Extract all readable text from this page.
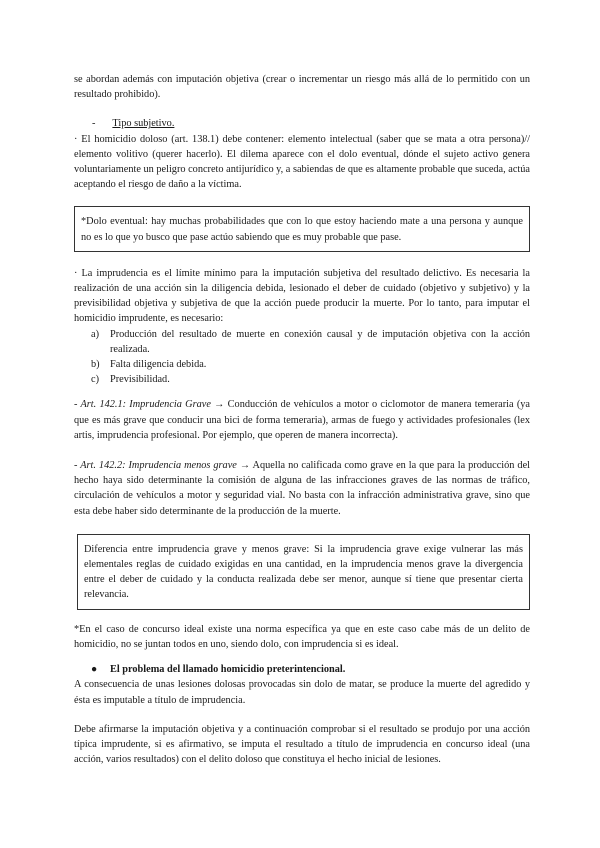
se abordan además con imputación objetiva (crear o incrementar un riesgo más allá de lo permitido con un resultado prohibido).

- Tipo subjetivo.

· El homicidio doloso (art. 138.1) debe contener: elemento intelectual (saber que se mata a otra persona)// elemento volitivo (querer hacerlo). El dilema aparece con el dolo eventual, dónde el sujeto activo genera voluntariamente un peligro concreto antijurídico y, a sabiendas de que es altamente probable que suceda, actúa aceptando el riesgo de daño a la víctima.

*Dolo eventual: hay muchas probabilidades que con lo que estoy haciendo mate a una persona y aunque no es lo que yo busco que pase actúo sabiendo que es muy probable que pase.

· La imprudencia es el límite mínimo para la imputación subjetiva del resultado delictivo. Es necesaria la realización de una acción sin la diligencia debida, lesionado el deber de cuidado (objetivo y subjetivo) y la previsibilidad objetiva y subjetiva de que la acción puede producir la muerte. Por lo tanto, para imputar el homicidio imprudente, es necesario:

a) Producción del resultado de muerte en conexión causal y de imputación objetiva con la acción realizada.
b) Falta diligencia debida.
c) Previsibilidad.

- Art. 142.1: Imprudencia Grave → Conducción de vehículos a motor o ciclomotor de manera temeraria (ya que es más grave que conducir una bici de forma temeraria), armas de fuego y actividades profesionales (lex artis, imprudencia profesional. Por ejemplo, que operen de manera incorrecta).

- Art. 142.2: Imprudencia menos grave → Aquella no calificada como grave en la que para la producción del hecho haya sido determinante la comisión de alguna de las infracciones graves de las normas de tráfico, circulación de vehículos a motor y seguridad vial. No basta con la infracción administrativa grave, sino que esta debe haber sido determinante de la producción de la muerte.

Diferencia entre imprudencia grave y menos grave: Si la imprudencia grave exige vulnerar las más elementales reglas de cuidado exigidas en una cantidad, en la imprudencia menos grave la divergencia entre el deber de cuidado y la conducta realizada debe ser menor, aunque sí tiene que presentar cierta relevancia.

*En el caso de concurso ideal existe una norma específica ya que en este caso cabe más de un delito de homicidio, no se juntan todos en uno, siendo dolo, con imprudencia si es ideal.

● El problema del llamado homicidio preterintencional.

A consecuencia de unas lesiones dolosas provocadas sin dolo de matar, se produce la muerte del agredido y ésta es imputable a título de imprudencia.

Debe afirmarse la imputación objetiva y a continuación comprobar si el resultado se produjo por una acción típica imprudente, si es afirmativo, se imputa el resultado a título de imprudencia en concurso ideal (una acción, varios resultados) con el delito doloso que constituya el hecho inicial de lesiones.
